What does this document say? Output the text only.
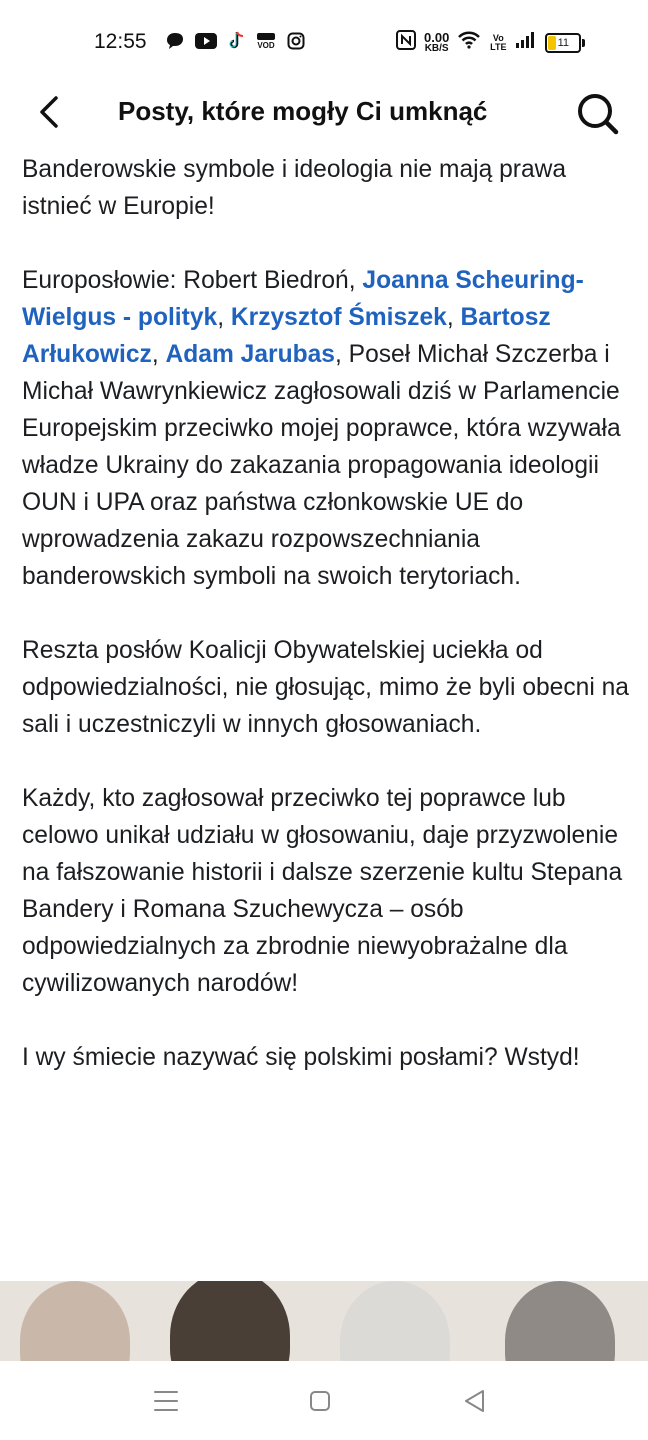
12:55	VOD
0.00
KB/S
Vo LTE	11
Posty, które mogły Ci umknąć

Banderowskie symbole i ideologia nie mają prawa istnieć w Europie!

Europosłowie: Robert Biedroń, Joanna Scheuring-Wielgus - polityk, Krzysztof Śmiszek, Bartosz Arłukowicz, Adam Jarubas, Poseł Michał Szczerba i Michał Wawrynkiewicz zagłosowali dziś w Parlamencie Europejskim przeciwko mojej poprawce, która wzywała władze Ukrainy do zakazania propagowania ideologii OUN i UPA oraz państwa członkowskie UE do wprowadzenia zakazu rozpowszechniania banderowskich symboli na swoich terytoriach.

Reszta posłów Koalicji Obywatelskiej uciekła od odpowiedzialności, nie głosując, mimo że byli obecni na sali i uczestniczyli w innych głosowaniach.

Każdy, kto zagłosował przeciwko tej poprawce lub celowo unikał udziału w głosowaniu, daje przyzwolenie na fałszowanie historii i dalsze szerzenie kultu Stepana Bandery i Romana Szuchewycza – osób odpowiedzialnych za zbrodnie niewyobrażalne dla cywilizowanych narodów!

I wy śmiecie nazywać się polskimi posłami? Wstyd!
